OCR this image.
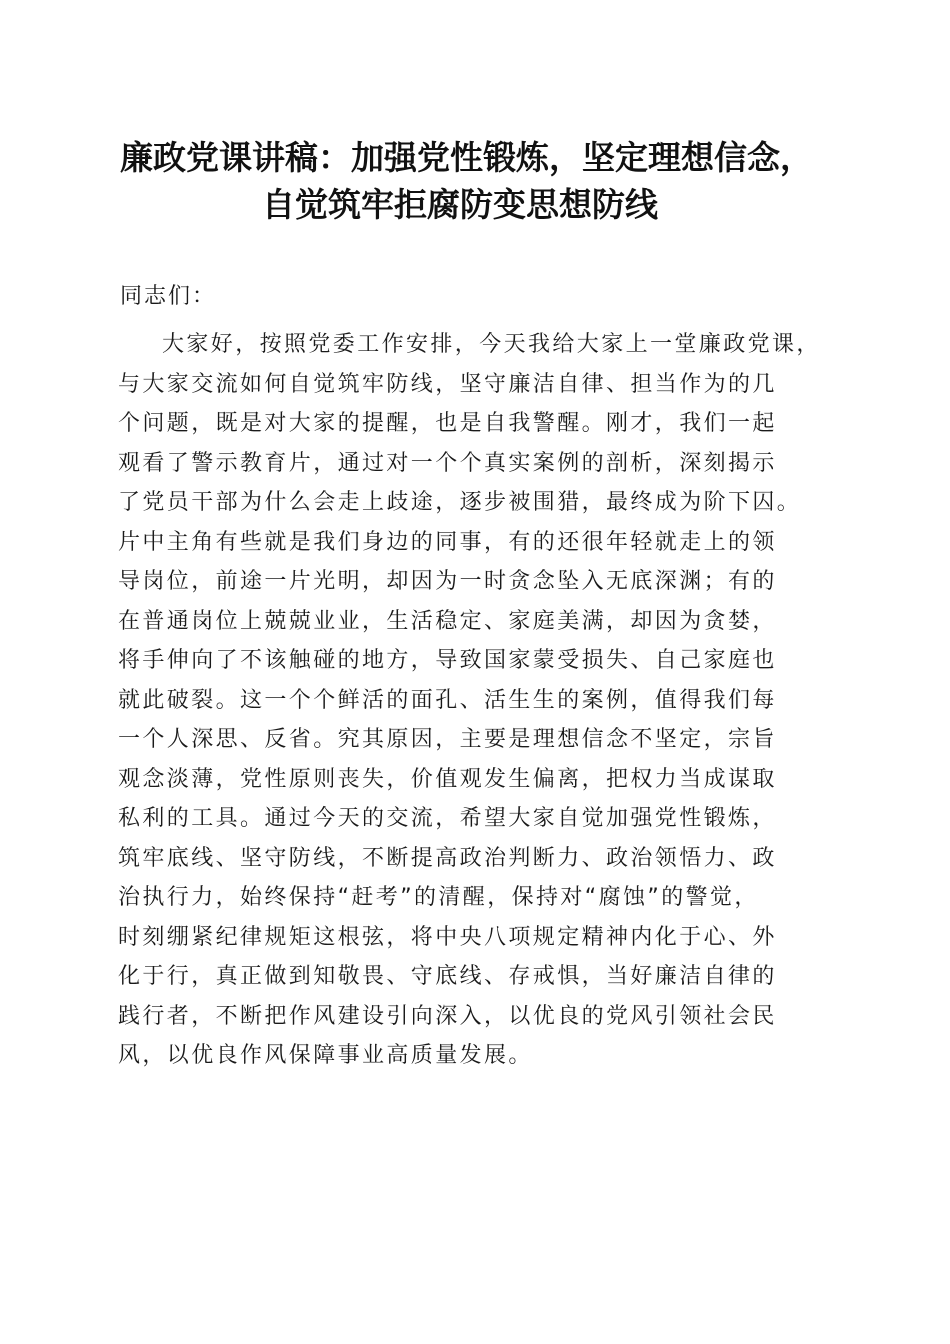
廉政党课讲稿：加强党性锻炼，坚定理想信念，
自觉筑牢拒腐防变思想防线

同志们：

大家好，按照党委工作安排，今天我给大家上一堂廉政党课，
与大家交流如何自觉筑牢防线，坚守廉洁自律、担当作为的几
个问题，既是对大家的提醒，也是自我警醒。刚才，我们一起
观看了警示教育片，通过对一个个真实案例的剖析，深刻揭示
了党员干部为什么会走上歧途，逐步被围猎，最终成为阶下囚。
片中主角有些就是我们身边的同事，有的还很年轻就走上的领
导岗位，前途一片光明，却因为一时贪念坠入无底深渊；有的
在普通岗位上兢兢业业，生活稳定、家庭美满，却因为贪婪，
将手伸向了不该触碰的地方，导致国家蒙受损失、自己家庭也
就此破裂。这一个个鲜活的面孔、活生生的案例，值得我们每
一个人深思、反省。究其原因，主要是理想信念不坚定，宗旨
观念淡薄，党性原则丧失，价值观发生偏离，把权力当成谋取
私利的工具。通过今天的交流，希望大家自觉加强党性锻炼，
筑牢底线、坚守防线，不断提高政治判断力、政治领悟力、政
治执行力，始终保持“赶考”的清醒，保持对“腐蚀”的警觉，
时刻绷紧纪律规矩这根弦，将中央八项规定精神内化于心、外
化于行，真正做到知敬畏、守底线、存戒惧，当好廉洁自律的
践行者，不断把作风建设引向深入，以优良的党风引领社会民
风，以优良作风保障事业高质量发展。
